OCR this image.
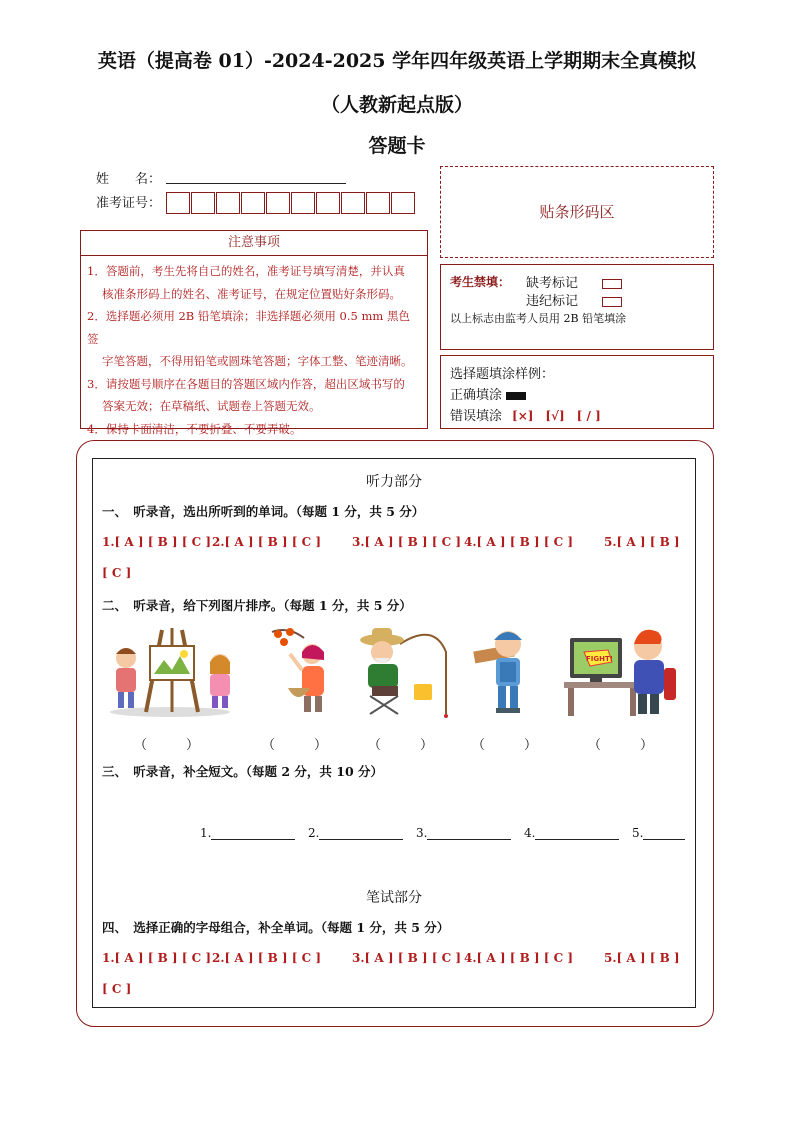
英语（提高卷 01）-2024-2025 学年四年级英语上学期期末全真模拟
（人教新起点版）
答题卡
姓　　名：
准考证号：	贴条形码区
注意事项

1．答题前，考生先将自己的姓名，准考证号填写清楚，并认真

核准条形码上的姓名、准考证号，在规定位置贴好条形码。

2．选择题必须用 2B 铅笔填涂；非选择题必须用 0.5 mm 黑色签

字笔答题，不得用铅笔或圆珠笔答题；字体工整、笔迹清晰。

3．请按题号顺序在各题目的答题区域内作答，超出区域书写的

答案无效；在草稿纸、试题卷上答题无效。

4．保持卡面清洁，不要折叠、不要弄破。

考生禁填： 缺考标记
违纪标记
以上标志由监考人员用 2B 铅笔填涂
选择题填涂样例：
正确填涂
错误填涂 [×]　[√]　[ / ]
听力部分
一、　听录音，选出所听到的单词。（每题 1 分，共 5 分）
1.[ A ] [ B ] [ C ] 2.[ A ] [ B ] [ C ]	3.[ A ] [ B ] [ C ] 4.[ A ] [ B ] [ C ]	5.[ A ] [ B ]
[ C ]
二、　听录音，给下列图片排序。（每题 1 分，共 5 分）
FIGHT!
（　　　）	（　　　）	（　　　）	（　　　）	（　　　）
三、　听录音，补全短文。（每题 2 分，共 10 分）
1.	2.	3.	4.	5.
笔试部分
四、　选择正确的字母组合，补全单词。（每题 1 分，共 5 分）
1.[ A ] [ B ] [ C ] 2.[ A ] [ B ] [ C ]	3.[ A ] [ B ] [ C ] 4.[ A ] [ B ] [ C ]	5.[ A ] [ B ]
[ C ]
